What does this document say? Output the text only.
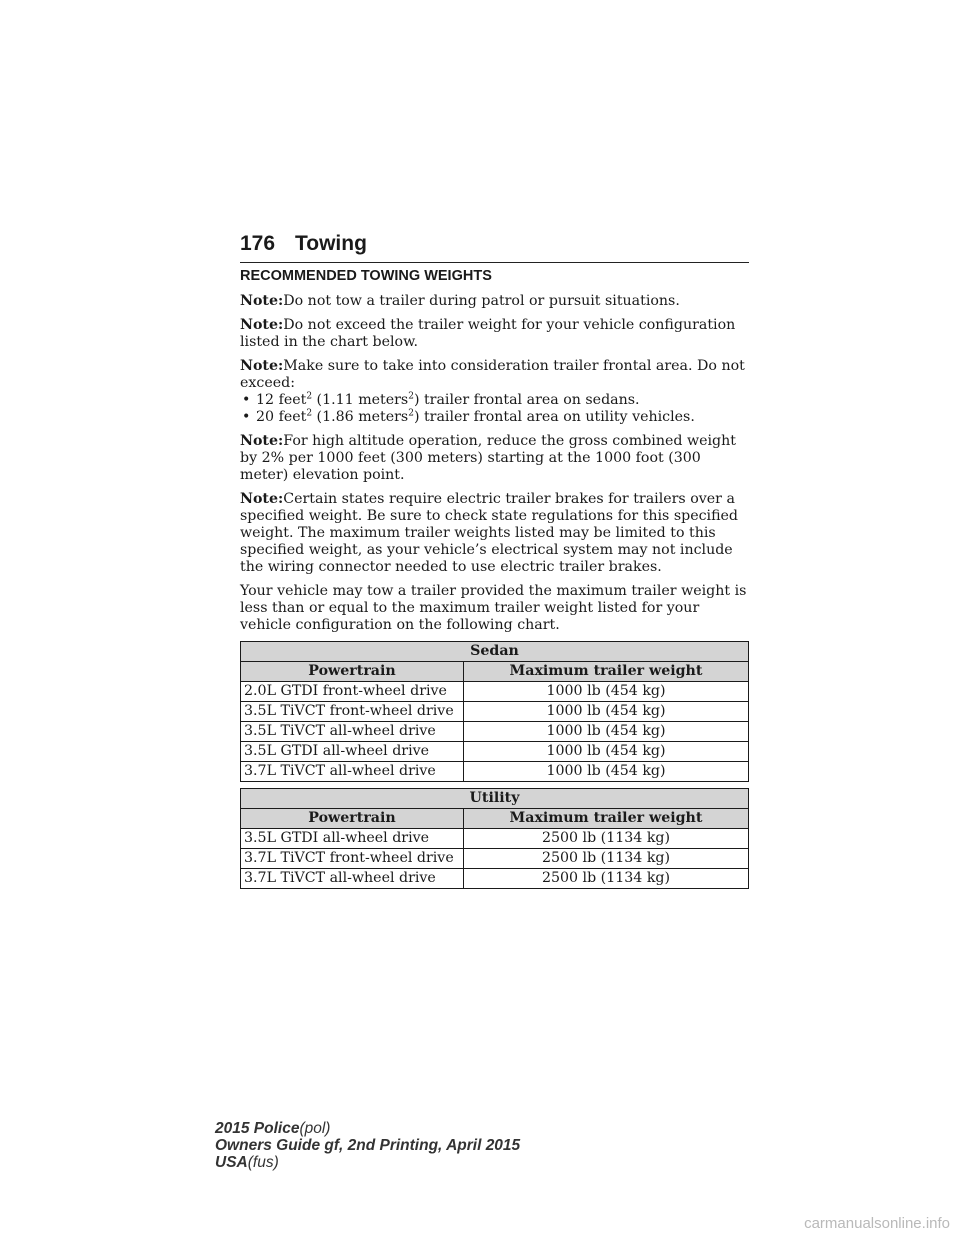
176 Towing
RECOMMENDED TOWING WEIGHTS

Note:Do not tow a trailer during patrol or pursuit situations.

Note:Do not exceed the trailer weight for your vehicle configuration listed in the chart below.

Note:Make sure to take into consideration trailer frontal area. Do not exceed:

• 12 feet$^2$ (1.11 meters$^2$) trailer frontal area on sedans.
• 20 feet$^2$ (1.86 meters$^2$) trailer frontal area on utility vehicles.

Note:For high altitude operation, reduce the gross combined weight by 2% per 1000 feet (300 meters) starting at the 1000 foot (300 meter) elevation point.

Note:Certain states require electric trailer brakes for trailers over a specified weight. Be sure to check state regulations for this specified weight. The maximum trailer weights listed may be limited to this specified weight, as your vehicle’s electrical system may not include the wiring connector needed to use electric trailer brakes.

Your vehicle may tow a trailer provided the maximum trailer weight is less than or equal to the maximum trailer weight listed for your vehicle configuration on the following chart.

Sedan	
Powertrain	Maximum trailer weight
2.0L GTDI front-wheel drive	1000 lb (454 kg)
3.5L TiVCT front-wheel drive	1000 lb (454 kg)
3.5L TiVCT all-wheel drive	1000 lb (454 kg)
3.5L GTDI all-wheel drive	1000 lb (454 kg)
3.7L TiVCT all-wheel drive	1000 lb (454 kg)
Utility	
Powertrain	Maximum trailer weight
3.5L GTDI all-wheel drive	2500 lb (1134 kg)
3.7L TiVCT front-wheel drive	2500 lb (1134 kg)
3.7L TiVCT all-wheel drive	2500 lb (1134 kg)
2015 Police(pol)
Owners Guide gf, 2nd Printing, April 2015
USA(fus)
carmanualsonline.info
